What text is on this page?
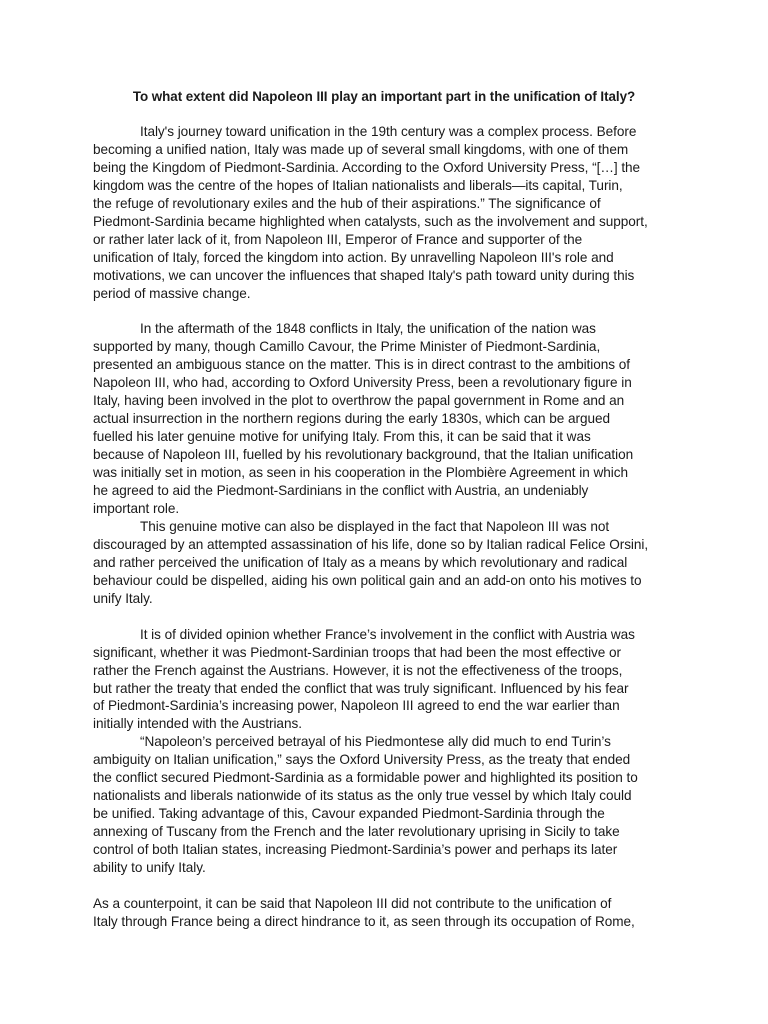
To what extent did Napoleon III play an important part in the unification of Italy?

Italy's journey toward unification in the 19th century was a complex process. Before
becoming a unified nation, Italy was made up of several small kingdoms, with one of them
being the Kingdom of Piedmont-Sardinia. According to the Oxford University Press, “[…] the
kingdom was the centre of the hopes of Italian nationalists and liberals—its capital, Turin,
the refuge of revolutionary exiles and the hub of their aspirations.” The significance of
Piedmont-Sardinia became highlighted when catalysts, such as the involvement and support,
or rather later lack of it, from Napoleon III, Emperor of France and supporter of the
unification of Italy, forced the kingdom into action. By unravelling Napoleon III's role and
motivations, we can uncover the influences that shaped Italy's path toward unity during this
period of massive change.

In the aftermath of the 1848 conflicts in Italy, the unification of the nation was
supported by many, though Camillo Cavour, the Prime Minister of Piedmont-Sardinia,
presented an ambiguous stance on the matter. This is in direct contrast to the ambitions of
Napoleon III, who had, according to Oxford University Press, been a revolutionary figure in
Italy, having been involved in the plot to overthrow the papal government in Rome and an
actual insurrection in the northern regions during the early 1830s, which can be argued
fuelled his later genuine motive for unifying Italy. From this, it can be said that it was
because of Napoleon III, fuelled by his revolutionary background, that the Italian unification
was initially set in motion, as seen in his cooperation in the Plombière Agreement in which
he agreed to aid the Piedmont-Sardinians in the conflict with Austria, an undeniably
important role.

This genuine motive can also be displayed in the fact that Napoleon III was not
discouraged by an attempted assassination of his life, done so by Italian radical Felice Orsini,
and rather perceived the unification of Italy as a means by which revolutionary and radical
behaviour could be dispelled, aiding his own political gain and an add-on onto his motives to
unify Italy.

It is of divided opinion whether France’s involvement in the conflict with Austria was
significant, whether it was Piedmont-Sardinian troops that had been the most effective or
rather the French against the Austrians. However, it is not the effectiveness of the troops,
but rather the treaty that ended the conflict that was truly significant. Influenced by his fear
of Piedmont-Sardinia’s increasing power, Napoleon III agreed to end the war earlier than
initially intended with the Austrians.

“Napoleon’s perceived betrayal of his Piedmontese ally did much to end Turin’s
ambiguity on Italian unification,” says the Oxford University Press, as the treaty that ended
the conflict secured Piedmont-Sardinia as a formidable power and highlighted its position to
nationalists and liberals nationwide of its status as the only true vessel by which Italy could
be unified. Taking advantage of this, Cavour expanded Piedmont-Sardinia through the
annexing of Tuscany from the French and the later revolutionary uprising in Sicily to take
control of both Italian states, increasing Piedmont-Sardinia’s power and perhaps its later
ability to unify Italy.

As a counterpoint, it can be said that Napoleon III did not contribute to the unification of
Italy through France being a direct hindrance to it, as seen through its occupation of Rome,
